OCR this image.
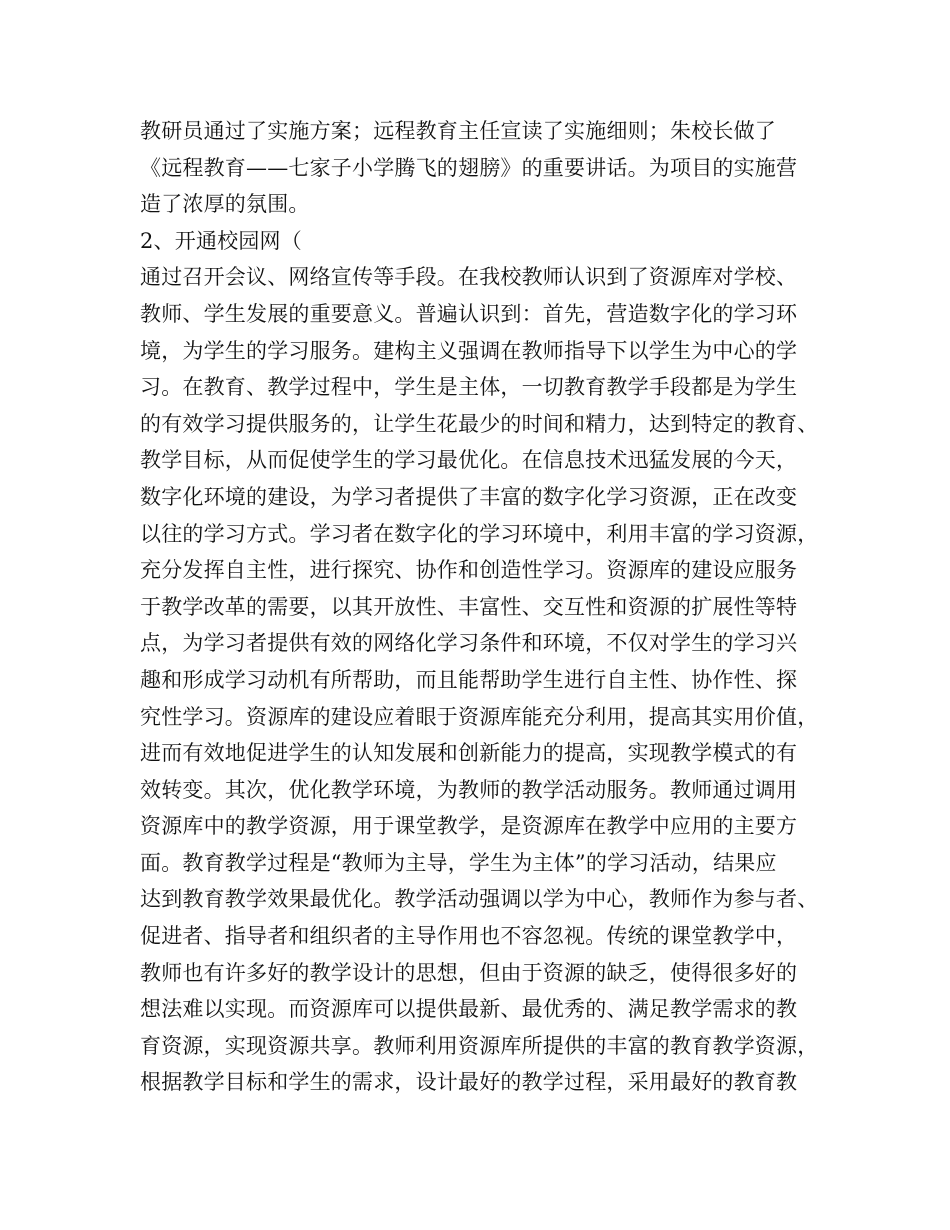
教研员通过了实施方案；远程教育主任宣读了实施细则；朱校长做了
《远程教育——七家子小学腾飞的翅膀》的重要讲话。为项目的实施营
造了浓厚的氛围。
2、开通校园网（
通过召开会议、网络宣传等手段。在我校教师认识到了资源库对学校、
教师、学生发展的重要意义。普遍认识到：首先，营造数字化的学习环
境，为学生的学习服务。建构主义强调在教师指导下以学生为中心的学
习。在教育、教学过程中，学生是主体，一切教育教学手段都是为学生
的有效学习提供服务的，让学生花最少的时间和精力，达到特定的教育、
教学目标，从而促使学生的学习最优化。在信息技术迅猛发展的今天，
数字化环境的建设，为学习者提供了丰富的数字化学习资源，正在改变
以往的学习方式。学习者在数字化的学习环境中，利用丰富的学习资源，
充分发挥自主性，进行探究、协作和创造性学习。资源库的建设应服务
于教学改革的需要，以其开放性、丰富性、交互性和资源的扩展性等特
点，为学习者提供有效的网络化学习条件和环境，不仅对学生的学习兴
趣和形成学习动机有所帮助，而且能帮助学生进行自主性、协作性、探
究性学习。资源库的建设应着眼于资源库能充分利用，提高其实用价值，
进而有效地促进学生的认知发展和创新能力的提高，实现教学模式的有
效转变。其次，优化教学环境，为教师的教学活动服务。教师通过调用
资源库中的教学资源，用于课堂教学，是资源库在教学中应用的主要方
面。教育教学过程是“教师为主导，学生为主体”的学习活动，结果应
达到教育教学效果最优化。教学活动强调以学为中心，教师作为参与者、
促进者、指导者和组织者的主导作用也不容忽视。传统的课堂教学中，
教师也有许多好的教学设计的思想，但由于资源的缺乏，使得很多好的
想法难以实现。而资源库可以提供最新、最优秀的、满足教学需求的教
育资源，实现资源共享。教师利用资源库所提供的丰富的教育教学资源，
根据教学目标和学生的需求，设计最好的教学过程，采用最好的教育教
